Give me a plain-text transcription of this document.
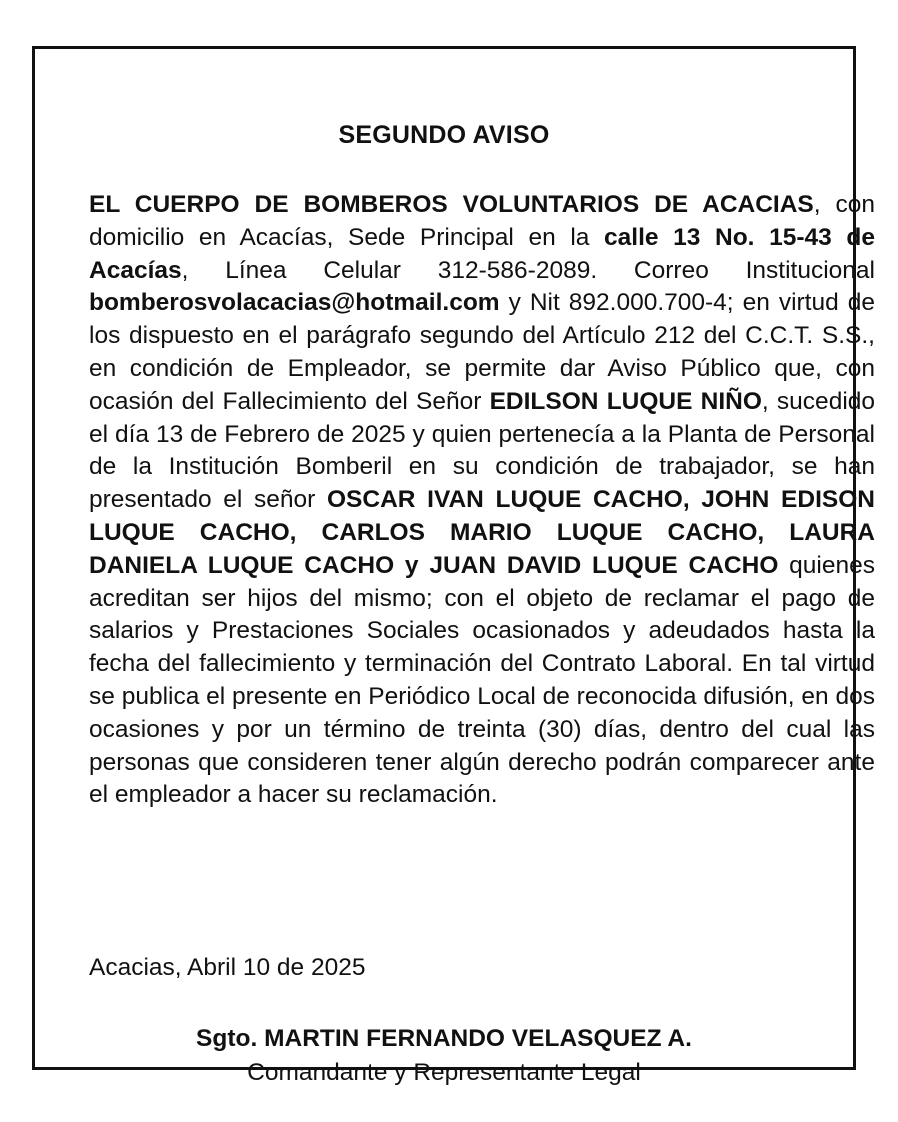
SEGUNDO AVISO

EL CUERPO DE BOMBEROS VOLUNTARIOS DE ACACIAS, con domicilio en Acacías, Sede Principal en la calle 13 No. 15-43 de Acacías, Línea Celular 312-586-2089. Correo Institucional bomberosvolacacias@hotmail.com y Nit 892.000.700-4; en virtud de los dispuesto en el parágrafo segundo del Artículo 212 del C.C.T. S.S., en condición de Empleador, se permite dar Aviso Público que, con ocasión del Fallecimiento del Señor EDILSON LUQUE NIÑO, sucedido el día 13 de Febrero de 2025 y quien pertenecía a la Planta de Personal de la Institución Bomberil en su condición de trabajador, se han presentado el señor OSCAR IVAN LUQUE CACHO, JOHN EDISON LUQUE CACHO, CARLOS MARIO LUQUE CACHO, LAURA DANIELA LUQUE CACHO y JUAN DAVID LUQUE CACHO quienes acreditan ser hijos del mismo; con el objeto de reclamar el pago de salarios y Prestaciones Sociales ocasionados y adeudados hasta la fecha del fallecimiento y terminación del Contrato Laboral. En tal virtud se publica el presente en Periódico Local de reconocida difusión, en dos ocasiones y por un término de treinta (30) días, dentro del cual las personas que consideren tener algún derecho podrán comparecer ante el empleador a hacer su reclamación.

Acacias, Abril 10 de 2025
Sgto. MARTIN FERNANDO VELASQUEZ A.
Comandante y Representante Legal
